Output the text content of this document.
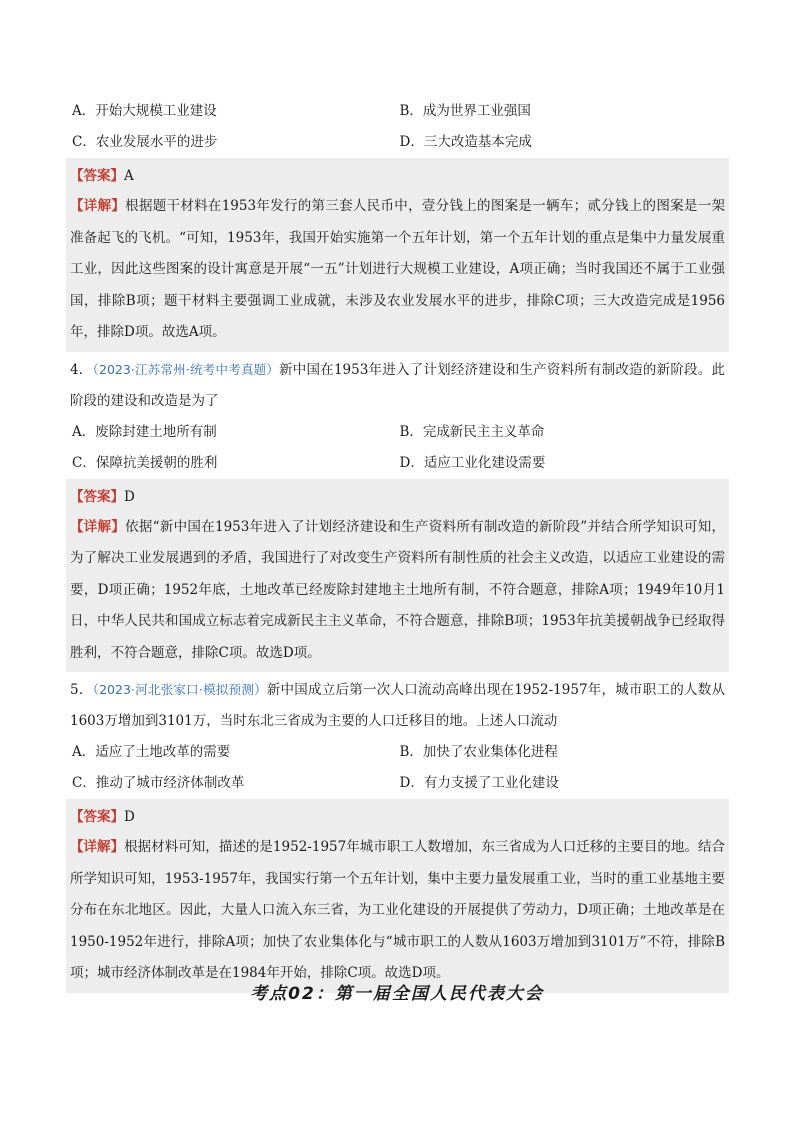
A．开始大规模工业建设	B．成为世界工业强国
C．农业发展水平的进步	D．三大改造基本完成
【答案】A
【详解】根据题干材料在1953年发行的第三套人民币中，壹分钱上的图案是一辆车；贰分钱上的图案是一架准备起飞的飞机。“可知，1953年，我国开始实施第一个五年计划，第一个五年计划的重点是集中力量发展重工业，因此这些图案的设计寓意是开展“一五”计划进行大规模工业建设，A项正确；当时我国还不属于工业强国，排除B项；题干材料主要强调工业成就，未涉及农业发展水平的进步，排除C项；三大改造完成是1956年，排除D项。故选A项。
4．（2023·江苏常州·统考中考真题）新中国在1953年进入了计划经济建设和生产资料所有制改造的新阶段。此阶段的建设和改造是为了
A．废除封建土地所有制	B．完成新民主主义革命
C．保障抗美援朝的胜利	D．适应工业化建设需要
【答案】D
【详解】依据“新中国在1953年进入了计划经济建设和生产资料所有制改造的新阶段”并结合所学知识可知，为了解决工业发展遇到的矛盾，我国进行了对改变生产资料所有制性质的社会主义改造，以适应工业建设的需要，D项正确；1952年底，土地改革已经废除封建地主土地所有制，不符合题意，排除A项；1949年10月1日，中华人民共和国成立标志着完成新民主主义革命，不符合题意，排除B项；1953年抗美援朝战争已经取得胜利，不符合题意，排除C项。故选D项。
5．（2023·河北张家口·模拟预测）新中国成立后第一次人口流动高峰出现在1952-1957年，城市职工的人数从1603万增加到3101万，当时东北三省成为主要的人口迁移目的地。上述人口流动
A．适应了土地改革的需要	B．加快了农业集体化进程
C．推动了城市经济体制改革	D．有力支援了工业化建设
【答案】D
【详解】根据材料可知，描述的是1952-1957年城市职工人数增加，东三省成为人口迁移的主要目的地。结合所学知识可知，1953-1957年，我国实行第一个五年计划，集中主要力量发展重工业，当时的重工业基地主要分布在东北地区。因此，大量人口流入东三省，为工业化建设的开展提供了劳动力，D项正确；土地改革是在1950-1952年进行，排除A项；加快了农业集体化与“城市职工的人数从1603万增加到3101万”不符，排除B项；城市经济体制改革是在1984年开始，排除C项。故选D项。
考点02：第一届全国人民代表大会
